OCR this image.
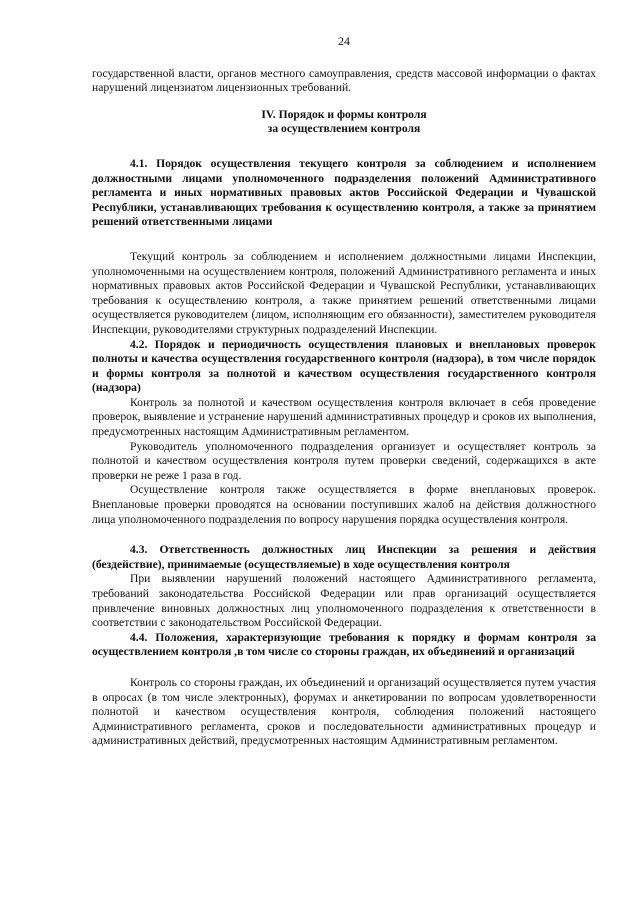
24

государственной власти, органов местного самоуправления, средств массовой информации о фактах нарушений лицензиатом лицензионных требований.

IV. Порядок и формы контроля
за осуществлением контроля

4.1. Порядок осуществления текущего контроля за соблюдением и исполнением должностными лицами уполномоченного подразделения положений Административного регламента и иных нормативных правовых актов Российской Федерации и Чувашской Республики, устанавливающих требования к осуществлению контроля, а также за принятием решений ответственными лицами

Текущий контроль за соблюдением и исполнением должностными лицами Инспекции, уполномоченными на осуществлением контроля, положений Административного регламента и иных нормативных правовых актов Российской Федерации и Чувашской Республики, устанавливающих требования к осуществлению контроля, а также принятием решений ответственными лицами осуществляется руководителем (лицом, исполняющим его обязанности), заместителем руководителя Инспекции, руководителями структурных подразделений Инспекции.

4.2. Порядок и периодичность осуществления плановых и внеплановых проверок полноты и качества осуществления государственного контроля (надзора), в том числе порядок и формы контроля за полнотой и качеством осуществления государственного контроля (надзора)

Контроль за полнотой и качеством осуществления контроля включает в себя проведение проверок, выявление и устранение нарушений административных процедур и сроков их выполнения, предусмотренных настоящим Административным регламентом.

Руководитель уполномоченного подразделения организует и осуществляет контроль за полнотой и качеством осуществления контроля путем проверки сведений, содержащихся в акте проверки не реже 1 раза в год.

Осуществление контроля также осуществляется в форме внеплановых проверок. Внеплановые проверки проводятся на основании поступивших жалоб на действия должностного лица уполномоченного подразделения по вопросу нарушения порядка осуществления контроля.

4.3. Ответственность должностных лиц Инспекции за решения и действия (бездействие), принимаемые (осуществляемые) в ходе осуществления контроля

При выявлении нарушений положений настоящего Административного регламента, требований законодательства Российской Федерации или прав организаций осуществляется привлечение виновных должностных лиц уполномоченного подразделения к ответственности в соответствии с законодательством Российской Федерации.

4.4. Положения, характеризующие требования к порядку и формам контроля за осуществлением контроля ,в том числе со стороны граждан, их объединений и организаций

Контроль со стороны граждан, их объединений и организаций осуществляется путем участия в опросах (в том числе электронных), форумах и анкетировании по вопросам удовлетворенности полнотой и качеством осуществления контроля, соблюдения положений настоящего Административного регламента, сроков и последовательности административных процедур и административных действий, предусмотренных настоящим Административным регламентом.
